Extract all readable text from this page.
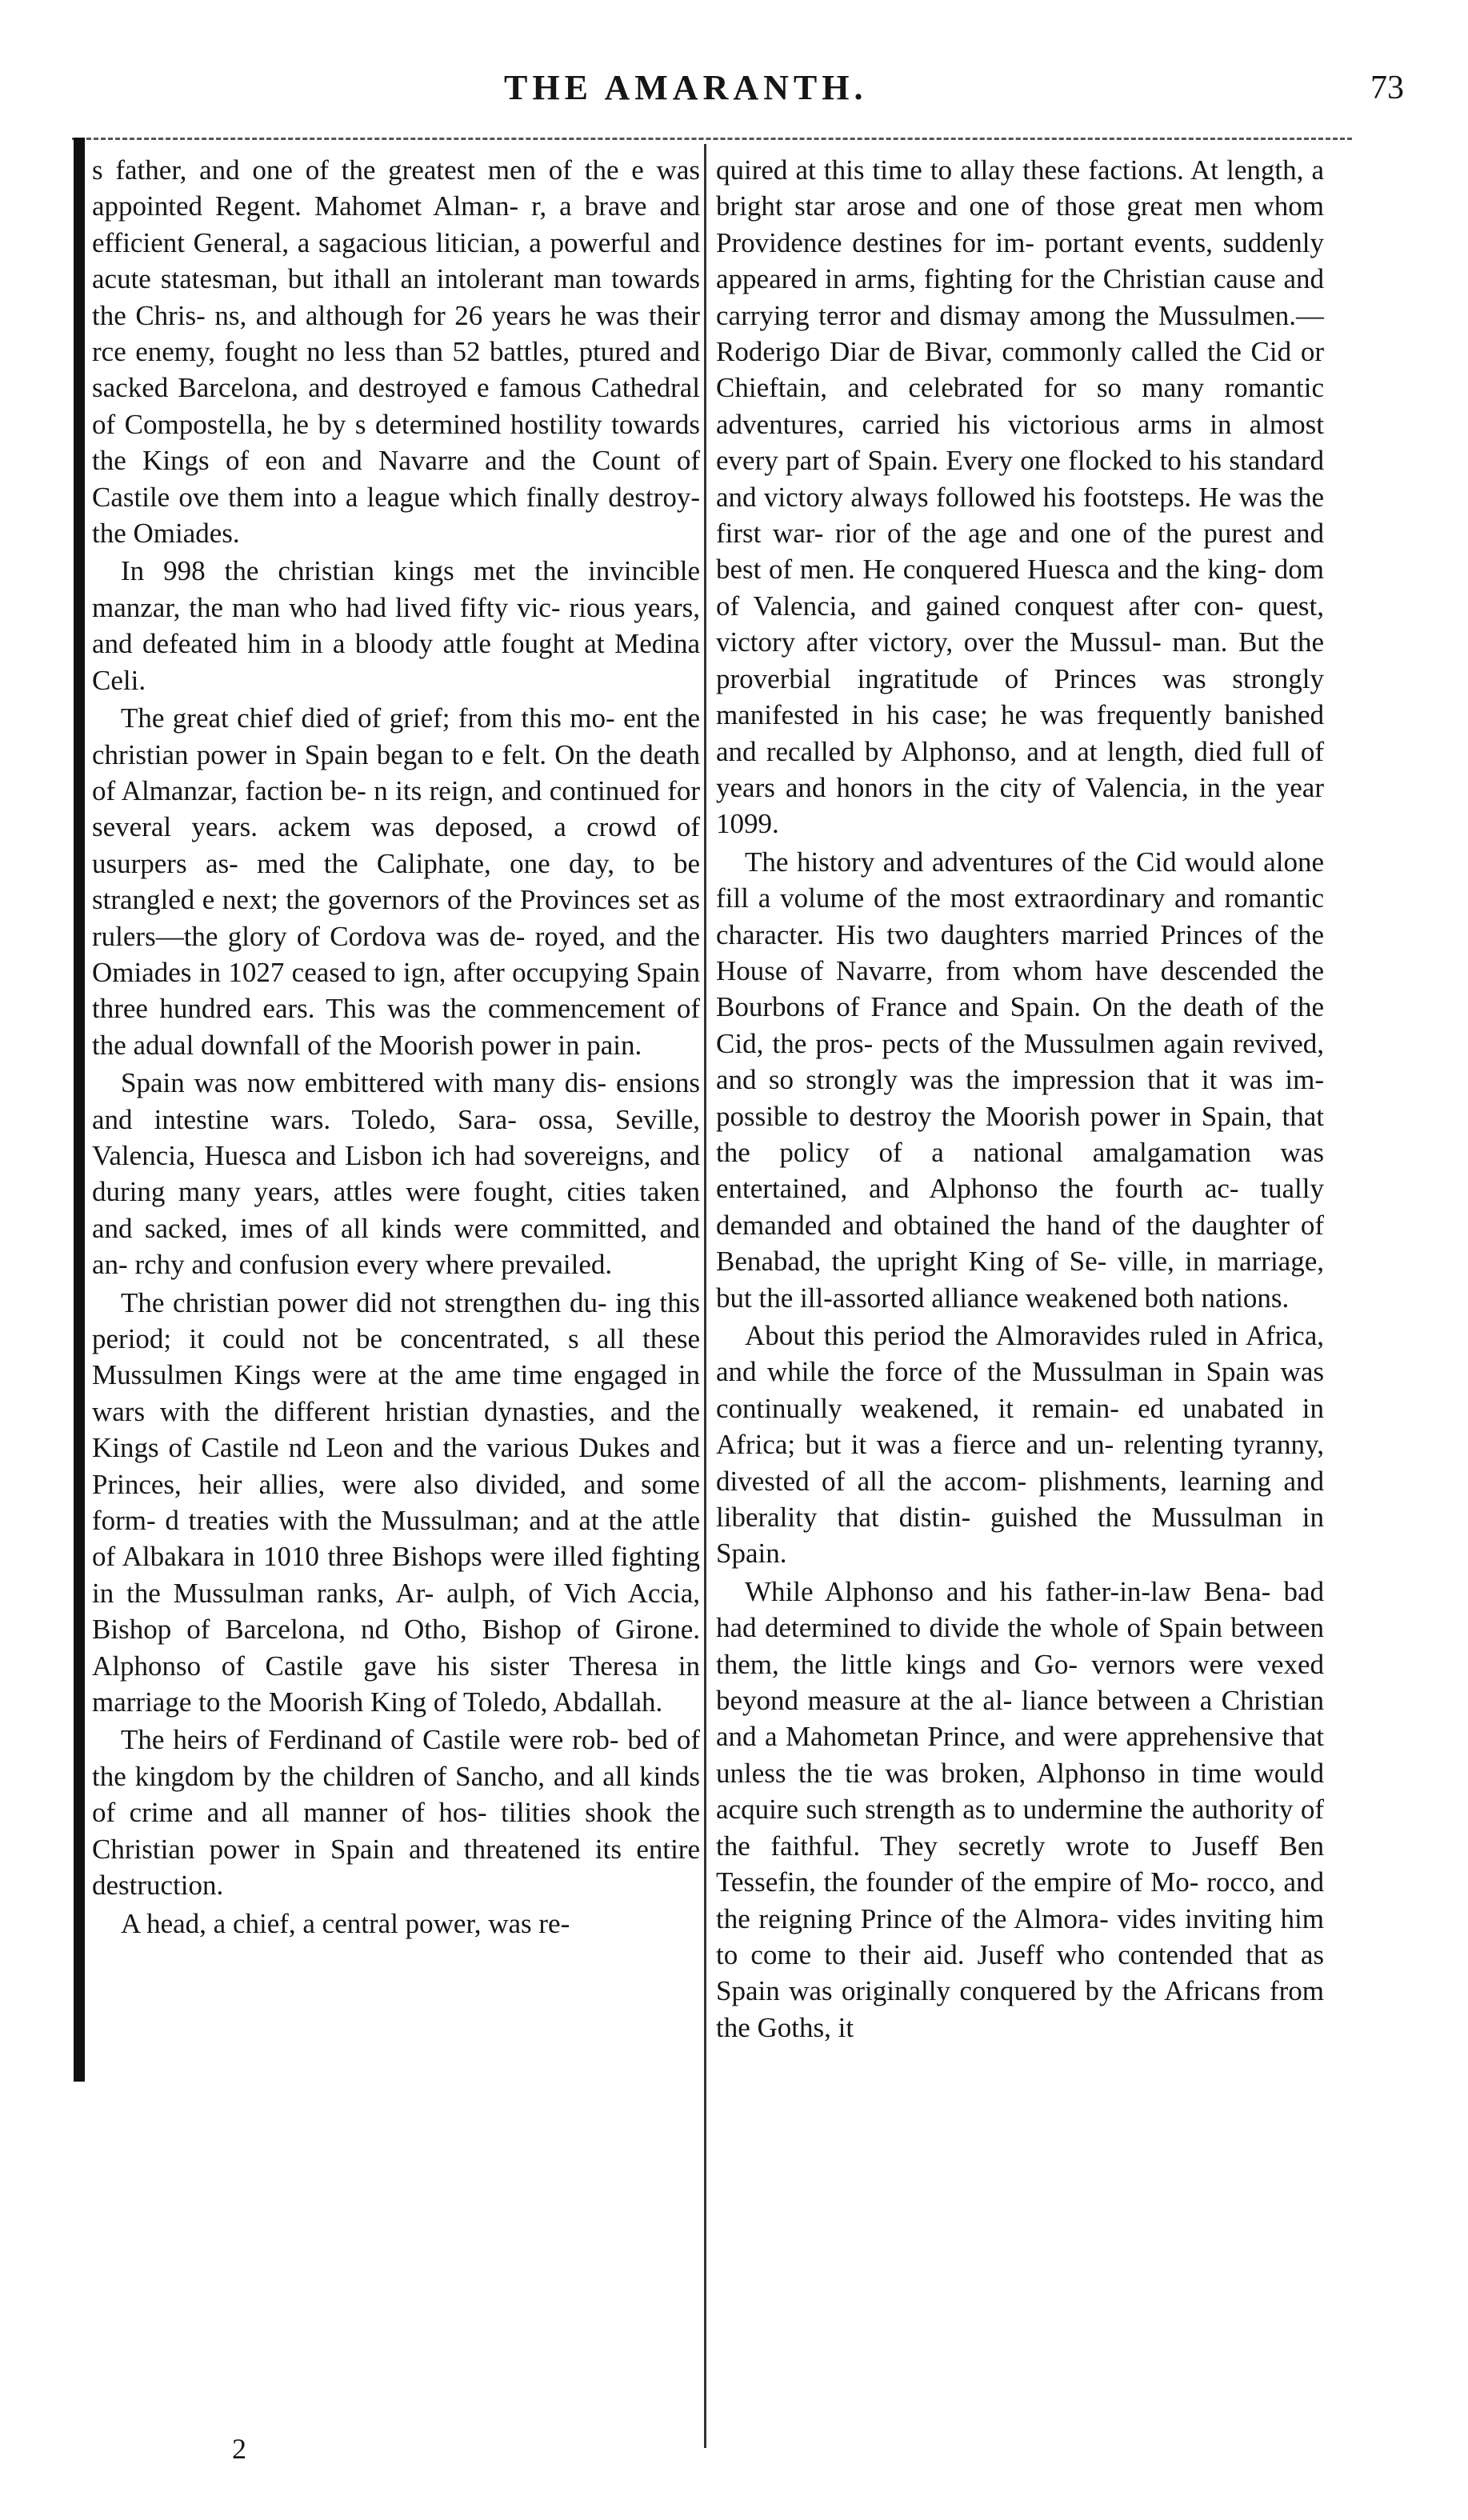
THE AMARANTH.	73

s father, and one of the greatest men of the e was appointed Regent. Mahomet Alman- r, a brave and efficient General, a sagacious litician, a powerful and acute statesman, but ithall an intolerant man towards the Chris- ns, and although for 26 years he was their rce enemy, fought no less than 52 battles, ptured and sacked Barcelona, and destroyed e famous Cathedral of Compostella, he by s determined hostility towards the Kings of eon and Navarre and the Count of Castile ove them into a league which finally destroy- the Omiades.

In 998 the christian kings met the invincible manzar, the man who had lived fifty vic- rious years, and defeated him in a bloody attle fought at Medina Celi.

The great chief died of grief; from this mo- ent the christian power in Spain began to e felt. On the death of Almanzar, faction be- n its reign, and continued for several years. ackem was deposed, a crowd of usurpers as- med the Caliphate, one day, to be strangled e next; the governors of the Provinces set as rulers—the glory of Cordova was de- royed, and the Omiades in 1027 ceased to ign, after occupying Spain three hundred ears. This was the commencement of the adual downfall of the Moorish power in pain.

Spain was now embittered with many dis- ensions and intestine wars. Toledo, Sara- ossa, Seville, Valencia, Huesca and Lisbon ich had sovereigns, and during many years, attles were fought, cities taken and sacked, imes of all kinds were committed, and an- rchy and confusion every where prevailed.

The christian power did not strengthen du- ing this period; it could not be concentrated, s all these Mussulmen Kings were at the ame time engaged in wars with the different hristian dynasties, and the Kings of Castile nd Leon and the various Dukes and Princes, heir allies, were also divided, and some form- d treaties with the Mussulman; and at the attle of Albakara in 1010 three Bishops were illed fighting in the Mussulman ranks, Ar- aulph, of Vich Accia, Bishop of Barcelona, nd Otho, Bishop of Girone. Alphonso of Castile gave his sister Theresa in marriage to the Moorish King of Toledo, Abdallah.

The heirs of Ferdinand of Castile were rob- bed of the kingdom by the children of Sancho, and all kinds of crime and all manner of hos- tilities shook the Christian power in Spain and threatened its entire destruction.

A head, a chief, a central power, was re-

quired at this time to allay these factions. At length, a bright star arose and one of those great men whom Providence destines for im- portant events, suddenly appeared in arms, fighting for the Christian cause and carrying terror and dismay among the Mussulmen.— Roderigo Diar de Bivar, commonly called the Cid or Chieftain, and celebrated for so many romantic adventures, carried his victorious arms in almost every part of Spain. Every one flocked to his standard and victory always followed his footsteps. He was the first war- rior of the age and one of the purest and best of men. He conquered Huesca and the king- dom of Valencia, and gained conquest after con- quest, victory after victory, over the Mussul- man. But the proverbial ingratitude of Princes was strongly manifested in his case; he was frequently banished and recalled by Alphonso, and at length, died full of years and honors in the city of Valencia, in the year 1099.

The history and adventures of the Cid would alone fill a volume of the most extraordinary and romantic character. His two daughters married Princes of the House of Navarre, from whom have descended the Bourbons of France and Spain. On the death of the Cid, the pros- pects of the Mussulmen again revived, and so strongly was the impression that it was im- possible to destroy the Moorish power in Spain, that the policy of a national amalgamation was entertained, and Alphonso the fourth ac- tually demanded and obtained the hand of the daughter of Benabad, the upright King of Se- ville, in marriage, but the ill-assorted alliance weakened both nations.

About this period the Almoravides ruled in Africa, and while the force of the Mussulman in Spain was continually weakened, it remain- ed unabated in Africa; but it was a fierce and un- relenting tyranny, divested of all the accom- plishments, learning and liberality that distin- guished the Mussulman in Spain.

While Alphonso and his father-in-law Bena- bad had determined to divide the whole of Spain between them, the little kings and Go- vernors were vexed beyond measure at the al- liance between a Christian and a Mahometan Prince, and were apprehensive that unless the tie was broken, Alphonso in time would acquire such strength as to undermine the authority of the faithful. They secretly wrote to Juseff Ben Tessefin, the founder of the empire of Mo- rocco, and the reigning Prince of the Almora- vides inviting him to come to their aid. Juseff who contended that as Spain was originally conquered by the Africans from the Goths, it

2
